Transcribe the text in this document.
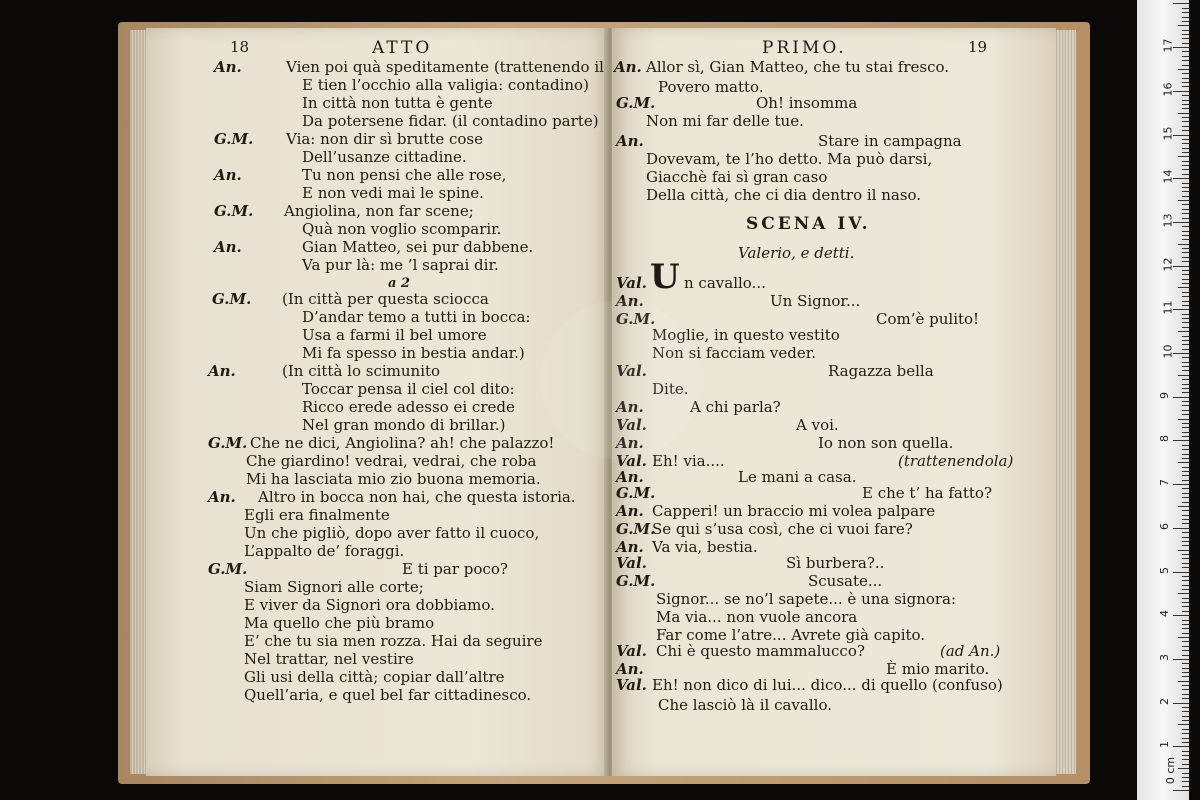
18	ATTO
An.	Vien poi quà speditamente (trattenendo il
E tien l’occhio alla valigia: contadino)
In città non tutta è gente
Da potersene fidar. (il contadino parte)
G.M. Via: non dir sì brutte cose
Dell’usanze cittadine.
An.	Tu non pensi che alle rose,
E non vedi mai le spine.
G.M. Angiolina, non far scene;
Quà non voglio scomparir.
An.	Gian Matteo, sei pur dabbene.
Va pur là: me ’l saprai dir.
a 2
G.M. (In città per questa sciocca
D’andar temo a tutti in bocca:
Usa a farmi il bel umore
Mi fa spesso in bestia andar.)
An.	(In città lo scimunito
Toccar pensa il ciel col dito:
Ricco erede adesso ei crede
Nel gran mondo di brillar.)
G.M. Che ne dici, Angiolina? ah! che palazzo!
Che giardino! vedrai, vedrai, che roba
Mi ha lasciata mio zio buona memoria.
An. Altro in bocca non hai, che questa istoria.
Egli era finalmente
Un che pigliò, dopo aver fatto il cuoco,
L’appalto de’ foraggi.
G.M.	E ti par poco?
Siam Signori alle corte;
E viver da Signori ora dobbiamo.
Ma quello che più bramo
E’ che tu sia men rozza. Hai da seguire
Nel trattar, nel vestire
Gli usi della città; copiar dall’altre
Quell’aria, e quel bel far cittadinesco.
PRIMO.	19
SCENA IV.
Valerio, e detti.
U
An. Allor sì, Gian Matteo, che tu stai fresco.
Povero matto.
G.M.	Oh! insomma
Non mi far delle tue.
An.	Stare in campagna
Dovevam, te l’ho detto. Ma può darsi,
Giacchè fai sì gran caso
Della città, che ci dia dentro il naso.
Val. n cavallo...
An.	Un Signor...
G.M.	Com’è pulito!
Moglie, in questo vestito
Non si facciam veder.
Val.	Ragazza bella
Dite.
An.	A chi parla?
Val.	A voi.
An.	Io non son quella.
Val. Eh! via....	(trattenendola)
An.	Le mani a casa.
G.M.	E che t’ ha fatto?
An. Capperi! un braccio mi volea palpare
G.M.
Se qui s’usa così, che ci vuoi fare?
An. Va via, bestia.
Val.	Sì burbera?..
G.M.	Scusate...
Signor... se no’l sapete... è una signora:
Ma via... non vuole ancora
Far come l’atre... Avrete già capito.
Val. Chi è questo mammalucco?	(ad An.)
An.	È mio marito.
Val. Eh! non dico di lui... dico... di quello (confuso)
Che lasciò là il cavallo.
0 cm
1
2
3
4
5
6
7
8
9
10
11
12
13
14
15
16
17
